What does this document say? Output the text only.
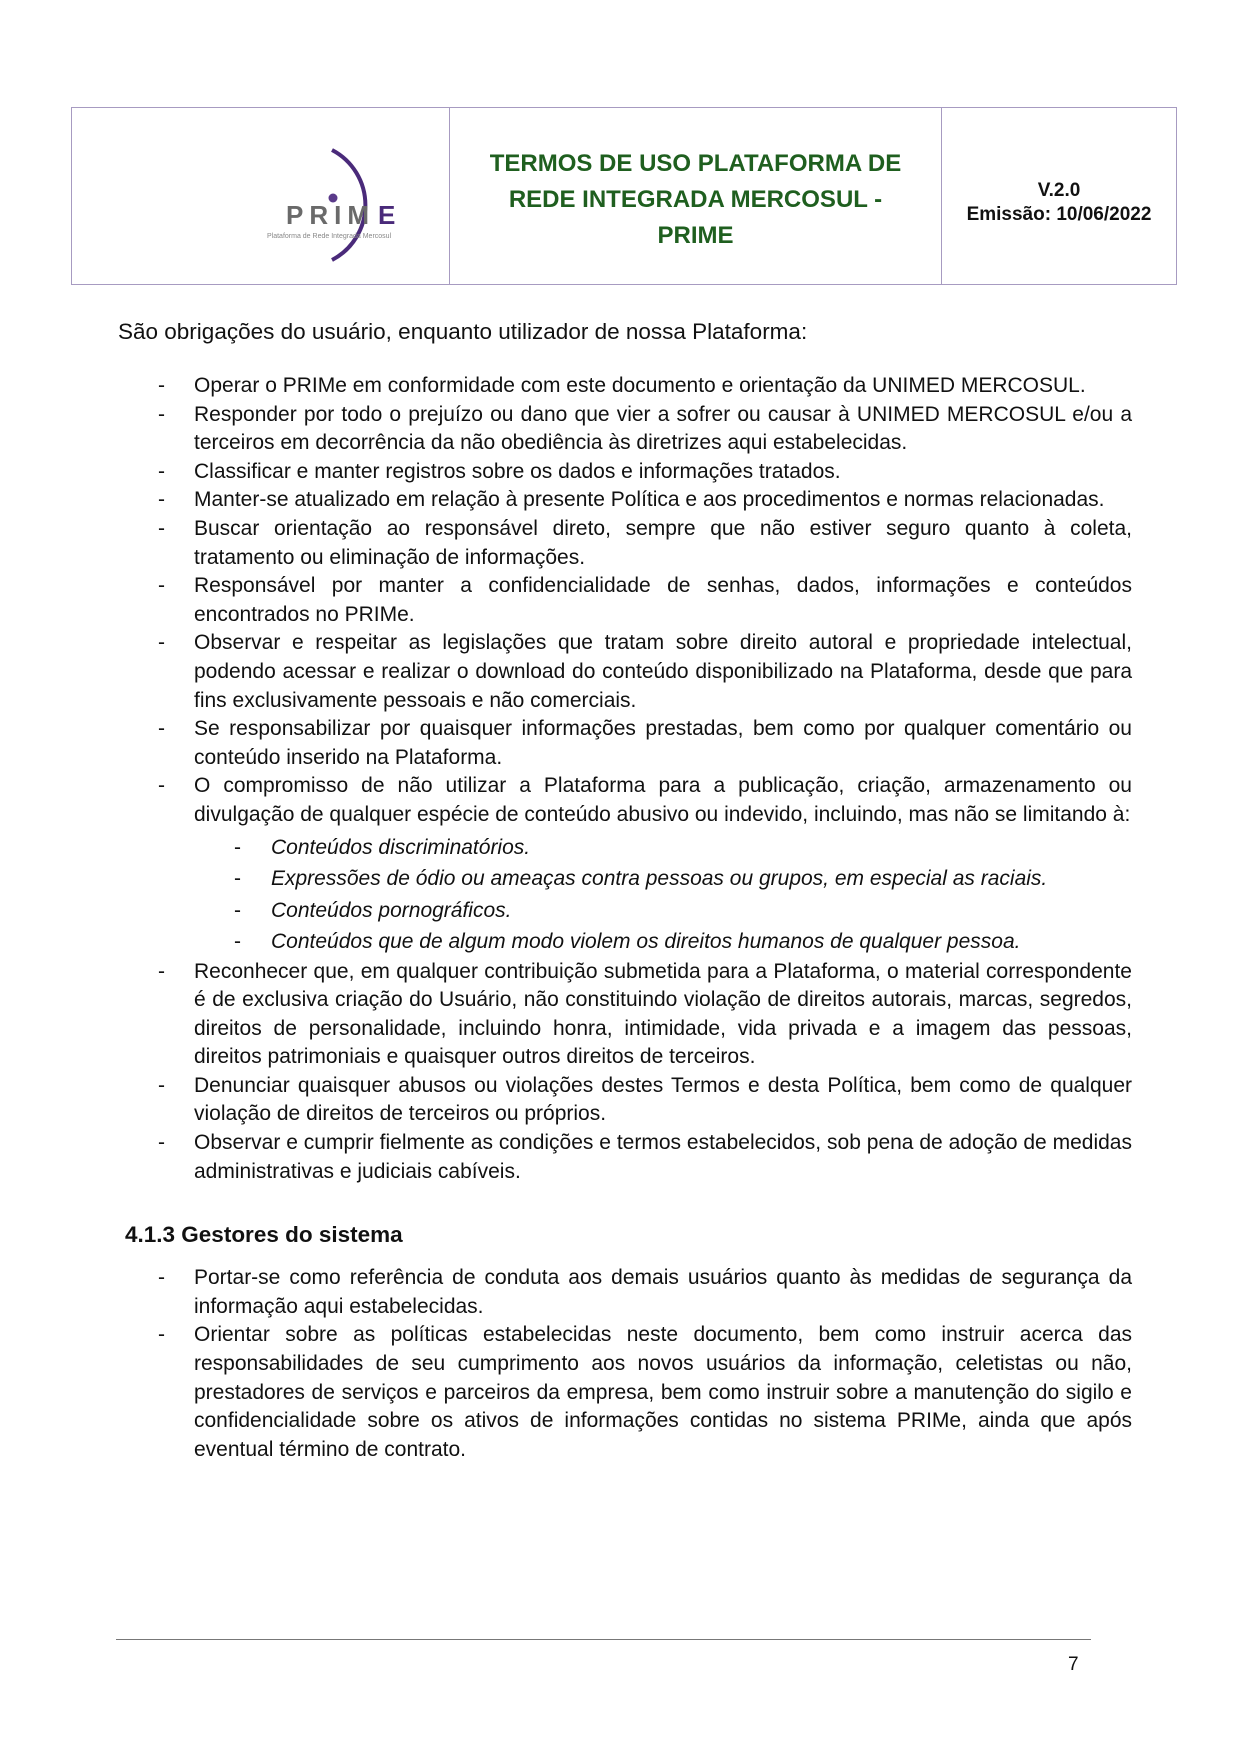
PRIM E
Plataforma de Rede Integrada Mercosul
TERMOS DE USO PLATAFORMA DE REDE INTEGRADA MERCOSUL - PRIME
V.2.0
Emissão: 10/06/2022

São obrigações do usuário, enquanto utilizador de nossa Plataforma:

- Operar o PRIMe em conformidade com este documento e orientação da UNIMED MERCOSUL.
- Responder por todo o prejuízo ou dano que vier a sofrer ou causar à UNIMED MERCOSUL e/ou a terceiros em decorrência da não obediência às diretrizes aqui estabelecidas.
- Classificar e manter registros sobre os dados e informações tratados.
- Manter-se atualizado em relação à presente Política e aos procedimentos e normas relacionadas.
- Buscar orientação ao responsável direto, sempre que não estiver seguro quanto à coleta, tratamento ou eliminação de informações.
- Responsável por manter a confidencialidade de senhas, dados, informações e conteúdos encontrados no PRIMe.
- Observar e respeitar as legislações que tratam sobre direito autoral e propriedade intelectual, podendo acessar e realizar o download do conteúdo disponibilizado na Plataforma, desde que para fins exclusivamente pessoais e não comerciais.
- Se responsabilizar por quaisquer informações prestadas, bem como por qualquer comentário ou conteúdo inserido na Plataforma.
- O compromisso de não utilizar a Plataforma para a publicação, criação, armazenamento ou divulgação de qualquer espécie de conteúdo abusivo ou indevido, incluindo, mas não se limitando à:
- Conteúdos discriminatórios.
- Expressões de ódio ou ameaças contra pessoas ou grupos, em especial as raciais.
- Conteúdos pornográficos.
- Conteúdos que de algum modo violem os direitos humanos de qualquer pessoa.
- Reconhecer que, em qualquer contribuição submetida para a Plataforma, o material correspondente é de exclusiva criação do Usuário, não constituindo violação de direitos autorais, marcas, segredos, direitos de personalidade, incluindo honra, intimidade, vida privada e a imagem das pessoas, direitos patrimoniais e quaisquer outros direitos de terceiros.
- Denunciar quaisquer abusos ou violações destes Termos e desta Política, bem como de qualquer violação de direitos de terceiros ou próprios.
- Observar e cumprir fielmente as condições e termos estabelecidos, sob pena de adoção de medidas administrativas e judiciais cabíveis.
4.1.3 Gestores do sistema
- Portar-se como referência de conduta aos demais usuários quanto às medidas de segurança da informação aqui estabelecidas.
- Orientar sobre as políticas estabelecidas neste documento, bem como instruir acerca das responsabilidades de seu cumprimento aos novos usuários da informação, celetistas ou não, prestadores de serviços e parceiros da empresa, bem como instruir sobre a manutenção do sigilo e confidencialidade sobre os ativos de informações contidas no sistema PRIMe, ainda que após eventual término de contrato.
7
